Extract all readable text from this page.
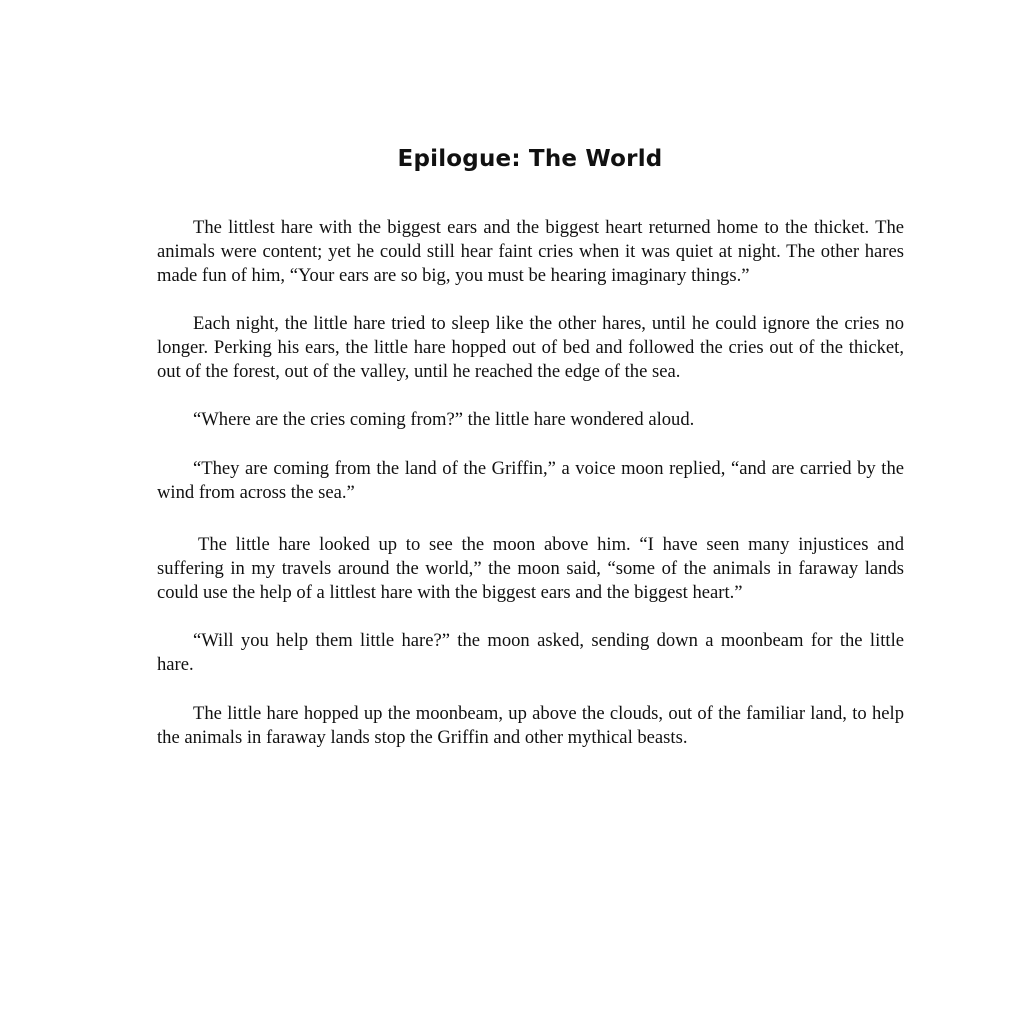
Epilogue: The World

The littlest hare with the biggest ears and the biggest heart returned home to the thicket. The animals were content; yet he could still hear faint cries when it was quiet at night. The other hares made fun of him, “Your ears are so big, you must be hearing imaginary things.”

Each night, the little hare tried to sleep like the other hares, until he could ignore the cries no longer. Perking his ears, the little hare hopped out of bed and followed the cries out of the thicket, out of the forest, out of the valley, until he reached the edge of the sea.

“Where are the cries coming from?” the little hare wondered aloud.

“They are coming from the land of the Griffin,” a voice moon replied, “and are carried by the wind from across the sea.”

The little hare looked up to see the moon above him. “I have seen many injustices and suffering in my travels around the world,” the moon said, “some of the animals in faraway lands could use the help of a littlest hare with the biggest ears and the biggest heart.”

“Will you help them little hare?” the moon asked, sending down a moonbeam for the little hare.

The little hare hopped up the moonbeam, up above the clouds, out of the familiar land, to help the animals in faraway lands stop the Griffin and other mythical beasts.
